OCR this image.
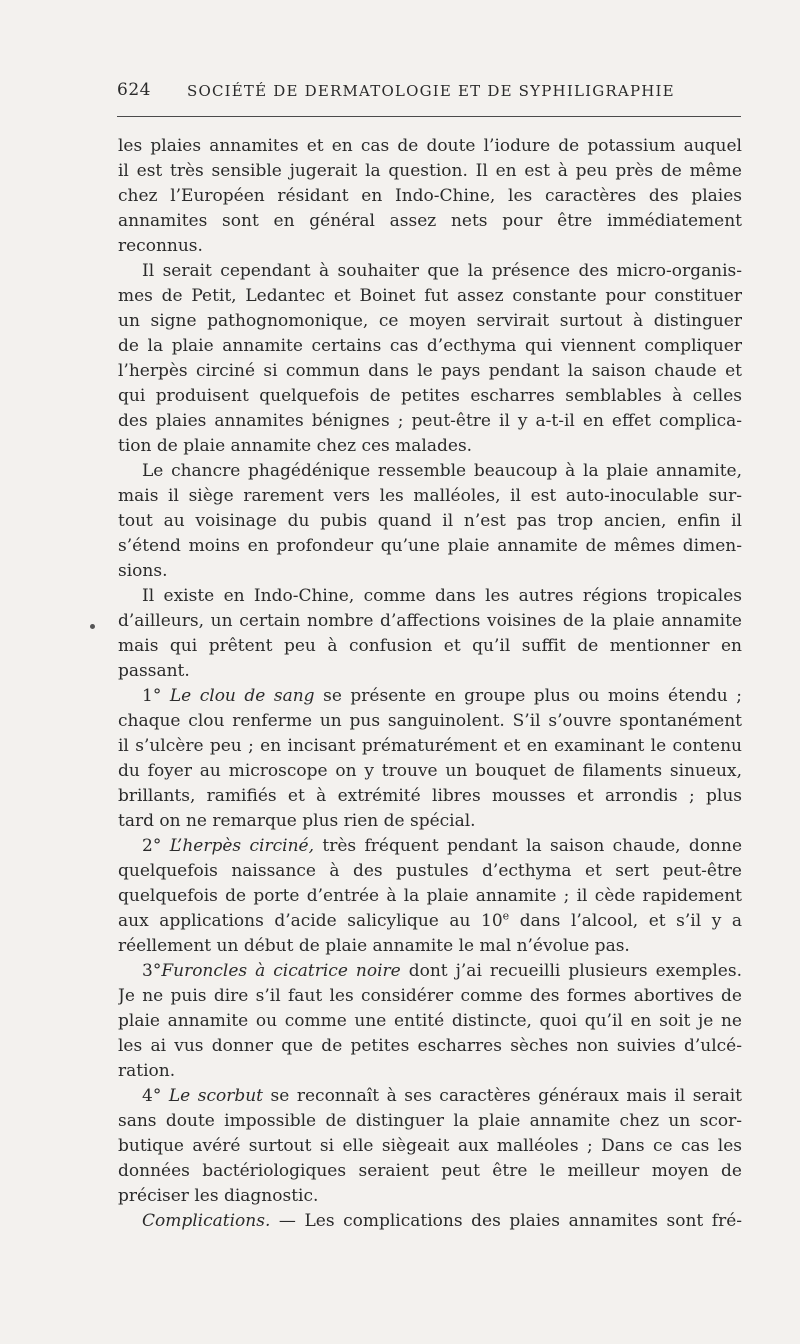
624 SOCIÉTÉ DE DERMATOLOGIE ET DE SYPHILIGRAPHIE
les plaies annamites et en cas de doute l’iodure de potassium auquel
il est très sensible jugerait la question. Il en est à peu près de même
chez l’Européen résidant en Indo-Chine, les caractères des plaies
annamites sont en général assez nets pour être immédiatement
reconnus.
Il serait cependant à souhaiter que la présence des micro-organis-
mes de Petit, Ledantec et Boinet fut assez constante pour constituer
un signe pathognomonique, ce moyen servirait surtout à distinguer
de la plaie annamite certains cas d’ecthyma qui viennent compliquer
l’herpès circiné si commun dans le pays pendant la saison chaude et
qui produisent quelquefois de petites escharres semblables à celles
des plaies annamites bénignes ; peut-être il y a-t-il en effet complica-
tion de plaie annamite chez ces malades.
Le chancre phagédénique ressemble beaucoup à la plaie annamite,
mais il siège rarement vers les malléoles, il est auto-inoculable sur-
tout au voisinage du pubis quand il n’est pas trop ancien, enfin il
s’étend moins en profondeur qu’une plaie annamite de mêmes dimen-
sions.
Il existe en Indo-Chine, comme dans les autres régions tropicales
d’ailleurs, un certain nombre d’affections voisines de la plaie annamite
mais qui prêtent peu à confusion et qu’il suffit de mentionner en
passant.
1° Le clou de sang se présente en groupe plus ou moins étendu ;
chaque clou renferme un pus sanguinolent. S’il s’ouvre spontanément
il s’ulcère peu ; en incisant prématurément et en examinant le contenu
du foyer au microscope on y trouve un bouquet de filaments sinueux,
brillants, ramifiés et à extrémité libres mousses et arrondis ; plus
tard on ne remarque plus rien de spécial.
2° L’herpès circiné, très fréquent pendant la saison chaude, donne
quelquefois naissance à des pustules d’ecthyma et sert peut-être
quelquefois de porte d’entrée à la plaie annamite ; il cède rapidement
aux applications d’acide salicylique au 10e dans l’alcool, et s’il y a
réellement un début de plaie annamite le mal n’évolue pas.
3°Furoncles à cicatrice noire dont j’ai recueilli plusieurs exemples.
Je ne puis dire s’il faut les considérer comme des formes abortives de
plaie annamite ou comme une entité distincte, quoi qu’il en soit je ne
les ai vus donner que de petites escharres sèches non suivies d’ulcé-
ration.
4° Le scorbut se reconnaît à ses caractères généraux mais il serait
sans doute impossible de distinguer la plaie annamite chez un scor-
butique avéré surtout si elle siègeait aux malléoles ; Dans ce cas les
données bactériologiques seraient peut être le meilleur moyen de
préciser les diagnostic.
Complications. — Les complications des plaies annamites sont fré-
